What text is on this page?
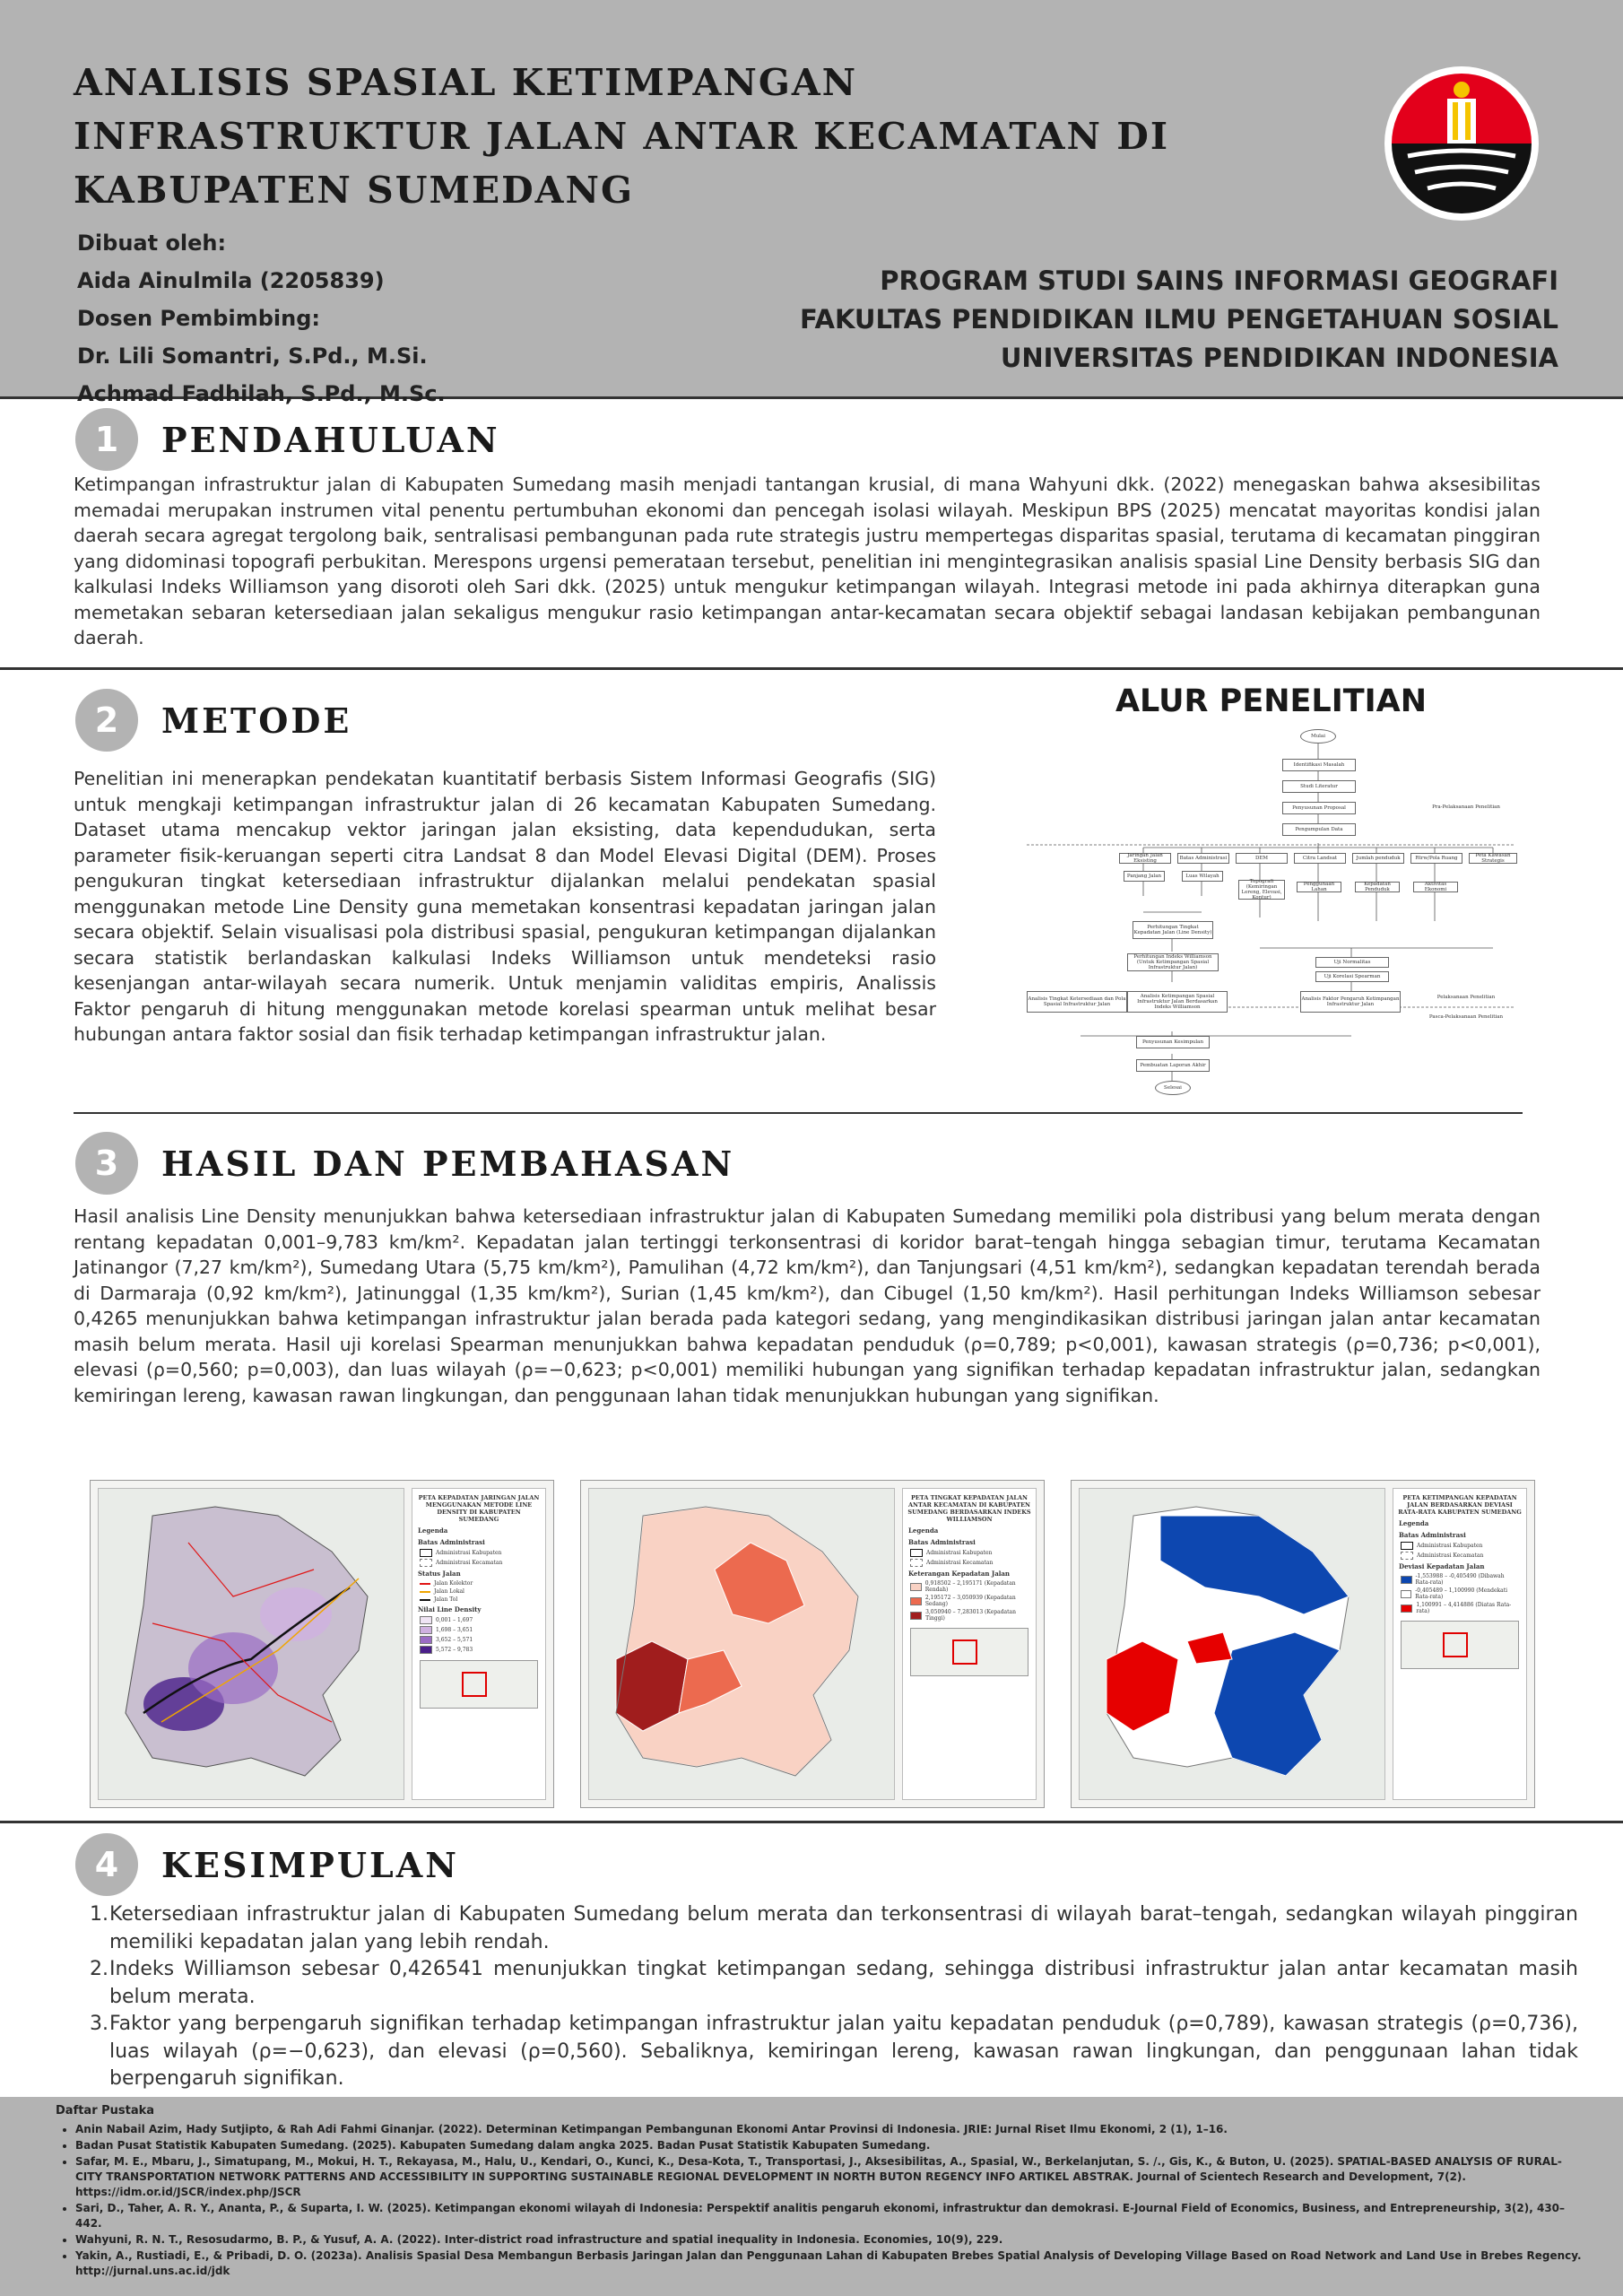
ANALISIS SPASIAL KETIMPANGAN
INFRASTRUKTUR JALAN ANTAR KECAMATAN DI
KABUPATEN SUMEDANG
Dibuat oleh:
Aida Ainulmila (2205839)
Dosen Pembimbing:
Dr. Lili Somantri, S.Pd., M.Si.
Achmad Fadhilah, S.Pd., M.Sc.
PROGRAM STUDI SAINS INFORMASI GEOGRAFI
FAKULTAS PENDIDIKAN ILMU PENGETAHUAN SOSIAL
UNIVERSITAS PENDIDIKAN INDONESIA
1	PENDAHULUAN

Ketimpangan infrastruktur jalan di Kabupaten Sumedang masih menjadi tantangan krusial, di mana Wahyuni dkk. (2022) menegaskan bahwa aksesibilitas memadai merupakan instrumen vital penentu pertumbuhan ekonomi dan pencegah isolasi wilayah. Meskipun BPS (2025) mencatat mayoritas kondisi jalan daerah secara agregat tergolong baik, sentralisasi pembangunan pada rute strategis justru mempertegas disparitas spasial, terutama di kecamatan pinggiran yang didominasi topografi perbukitan. Merespons urgensi pemerataan tersebut, penelitian ini mengintegrasikan analisis spasial Line Density berbasis SIG dan kalkulasi Indeks Williamson yang disoroti oleh Sari dkk. (2025) untuk mengukur ketimpangan wilayah. Integrasi metode ini pada akhirnya diterapkan guna memetakan sebaran ketersediaan jalan sekaligus mengukur rasio ketimpangan antar-kecamatan secara objektif sebagai landasan kebijakan pembangunan daerah.

2	METODE

Penelitian ini menerapkan pendekatan kuantitatif berbasis Sistem Informasi Geografis (SIG) untuk mengkaji ketimpangan infrastruktur jalan di 26 kecamatan Kabupaten Sumedang. Dataset utama mencakup vektor jaringan jalan eksisting, data kependudukan, serta parameter fisik-keruangan seperti citra Landsat 8 dan Model Elevasi Digital (DEM). Proses pengukuran tingkat ketersediaan infrastruktur dijalankan melalui pendekatan spasial menggunakan metode Line Density guna memetakan konsentrasi kepadatan jaringan jalan secara objektif. Selain visualisasi pola distribusi spasial, pengukuran ketimpangan dijalankan secara statistik berlandaskan kalkulasi Indeks Williamson untuk mendeteksi rasio kesenjangan antar-wilayah secara numerik. Untuk menjamin validitas empiris, Analissis Faktor pengaruh di hitung menggunakan metode korelasi spearman untuk melihat besar hubungan antara faktor sosial dan fisik terhadap ketimpangan infrastruktur jalan.

ALUR PENELITIAN
Mulai
Identifikasi Masalah
Studi Literatur
Penyusunan Proposal
Pengumpulan Data
Pra-Pelaksanaan Penelitian
Jaringan Jalan Eksisting	Batas Administrasi	DEM	Citra Landsat	Jumlah penduduk	Rtrw/Pola Ruang	Peta Kawasan Strategis
Panjang Jalan	Luas Wilayah
Topografi (Kemiringan Lereng, Elevasi, Kontur)
Penggunaan Lahan
Kepadatan Penduduk
Aktivitas Ekonomi
Perhitungan Tingkat Kepadatan Jalan (Line Density)
Perhitungan Indeks Williamson (Untuk Ketimpangan Spasial Infrastruktur Jalan)
Uji Normalitas
Uji Korelasi Spearman
Pelaksanaan Penelitian
Analisis Tingkat Ketersediaan dan Pola Spasial Infrastruktur Jalan
Analisis Ketimpangan Spasial Infrastruktur Jalan Berdasarkan Indeks Williamson
Analisis Faktor Pengaruh Ketimpangan Infrastruktur Jalan
Pasca-Pelaksanaan Penelitian
Penyusunan Kesimpulan
Pembuatan Laporan Akhir
Selesai
3	HASIL DAN PEMBAHASAN

Hasil analisis Line Density menunjukkan bahwa ketersediaan infrastruktur jalan di Kabupaten Sumedang memiliki pola distribusi yang belum merata dengan rentang kepadatan 0,001–9,783 km/km². Kepadatan jalan tertinggi terkonsentrasi di koridor barat–tengah hingga sebagian timur, terutama Kecamatan Jatinangor (7,27 km/km²), Sumedang Utara (5,75 km/km²), Pamulihan (4,72 km/km²), dan Tanjungsari (4,51 km/km²), sedangkan kepadatan terendah berada di Darmaraja (0,92 km/km²), Jatinunggal (1,35 km/km²), Surian (1,45 km/km²), dan Cibugel (1,50 km/km²). Hasil perhitungan Indeks Williamson sebesar 0,4265 menunjukkan bahwa ketimpangan infrastruktur jalan berada pada kategori sedang, yang mengindikasikan distribusi jaringan jalan antar kecamatan masih belum merata. Hasil uji korelasi Spearman menunjukkan bahwa kepadatan penduduk (ρ=0,789; p<0,001), kawasan strategis (ρ=0,736; p<0,001), elevasi (ρ=0,560; p=0,003), dan luas wilayah (ρ=−0,623; p<0,001) memiliki hubungan yang signifikan terhadap kepadatan infrastruktur jalan, sedangkan kemiringan lereng, kawasan rawan lingkungan, dan penggunaan lahan tidak menunjukkan hubungan yang signifikan.

PETA KEPADATAN JARINGAN JALAN MENGGUNAKAN METODE LINE DENSITY DI KABUPATEN SUMEDANG
Legenda
Batas Administrasi
Administrasi Kabupaten
Administrasi Kecamatan
Status Jalan
Jalan Kolektor
Jalan Lokal
Jalan Tol
Nilai Line Density
0,001 – 1,697
1,698 – 3,651
3,652 – 5,571
5,572 – 9,783
PETA TINGKAT KEPADATAN JALAN ANTAR KECAMATAN DI KABUPATEN SUMEDANG BERDASARKAN INDEKS WILLIAMSON
Legenda
Batas Administrasi
Administrasi Kabupaten
Administrasi Kecamatan
Keterangan Kepadatan Jalan
0,918502 – 2,195171 (Kepadatan Rendah)
2,195172 – 3,050939 (Kepadatan Sedang)
3,050940 – 7,283013 (Kepadatan Tinggi)
PETA KETIMPANGAN KEPADATAN JALAN BERDASARKAN DEVIASI RATA-RATA KABUPATEN SUMEDANG
Legenda
Batas Administrasi
Administrasi Kabupaten
Administrasi Kecamatan
Deviasi Kepadatan Jalan
-1,553988 – -0,405490 (Dibawah Rata-rata)
-0,405489 – 1,100990 (Mendekati Rata-rata)
1,100991 – 4,414886 (Diatas Rata-rata)
4	KESIMPULAN
1. Ketersediaan infrastruktur jalan di Kabupaten Sumedang belum merata dan terkonsentrasi di wilayah barat–tengah, sedangkan wilayah pinggiran memiliki kepadatan jalan yang lebih rendah.
2. Indeks Williamson sebesar 0,426541 menunjukkan tingkat ketimpangan sedang, sehingga distribusi infrastruktur jalan antar kecamatan masih belum merata.
3. Faktor yang berpengaruh signifikan terhadap ketimpangan infrastruktur jalan yaitu kepadatan penduduk (ρ=0,789), kawasan strategis (ρ=0,736), luas wilayah (ρ=−0,623), dan elevasi (ρ=0,560). Sebaliknya, kemiringan lereng, kawasan rawan lingkungan, dan penggunaan lahan tidak berpengaruh signifikan.
Daftar Pustaka
• Anin Nabail Azim, Hady Sutjipto, & Rah Adi Fahmi Ginanjar. (2022). Determinan Ketimpangan Pembangunan Ekonomi Antar Provinsi di Indonesia. JRIE: Jurnal Riset Ilmu Ekonomi, 2 (1), 1–16.
• Badan Pusat Statistik Kabupaten Sumedang. (2025). Kabupaten Sumedang dalam angka 2025. Badan Pusat Statistik Kabupaten Sumedang.
• Safar, M. E., Mbaru, J., Simatupang, M., Mokui, H. T., Rekayasa, M., Halu, U., Kendari, O., Kunci, K., Desa-Kota, T., Transportasi, J., Aksesibilitas, A., Spasial, W., Berkelanjutan, S. /., Gis, K., & Buton, U. (2025). SPATIAL-BASED ANALYSIS OF RURAL-CITY TRANSPORTATION NETWORK PATTERNS AND ACCESSIBILITY IN SUPPORTING SUSTAINABLE REGIONAL DEVELOPMENT IN NORTH BUTON REGENCY INFO ARTIKEL ABSTRAK. Journal of Scientech Research and Development, 7(2). https://idm.or.id/JSCR/index.php/JSCR
• Sari, D., Taher, A. R. Y., Ananta, P., & Suparta, I. W. (2025). Ketimpangan ekonomi wilayah di Indonesia: Perspektif analitis pengaruh ekonomi, infrastruktur dan demokrasi. E-Journal Field of Economics, Business, and Entrepreneurship, 3(2), 430–442.
• Wahyuni, R. N. T., Resosudarmo, B. P., & Yusuf, A. A. (2022). Inter-district road infrastructure and spatial inequality in Indonesia. Economies, 10(9), 229.
• Yakin, A., Rustiadi, E., & Pribadi, D. O. (2023a). Analisis Spasial Desa Membangun Berbasis Jaringan Jalan dan Penggunaan Lahan di Kabupaten Brebes Spatial Analysis of Developing Village Based on Road Network and Land Use in Brebes Regency. http://jurnal.uns.ac.id/jdk
